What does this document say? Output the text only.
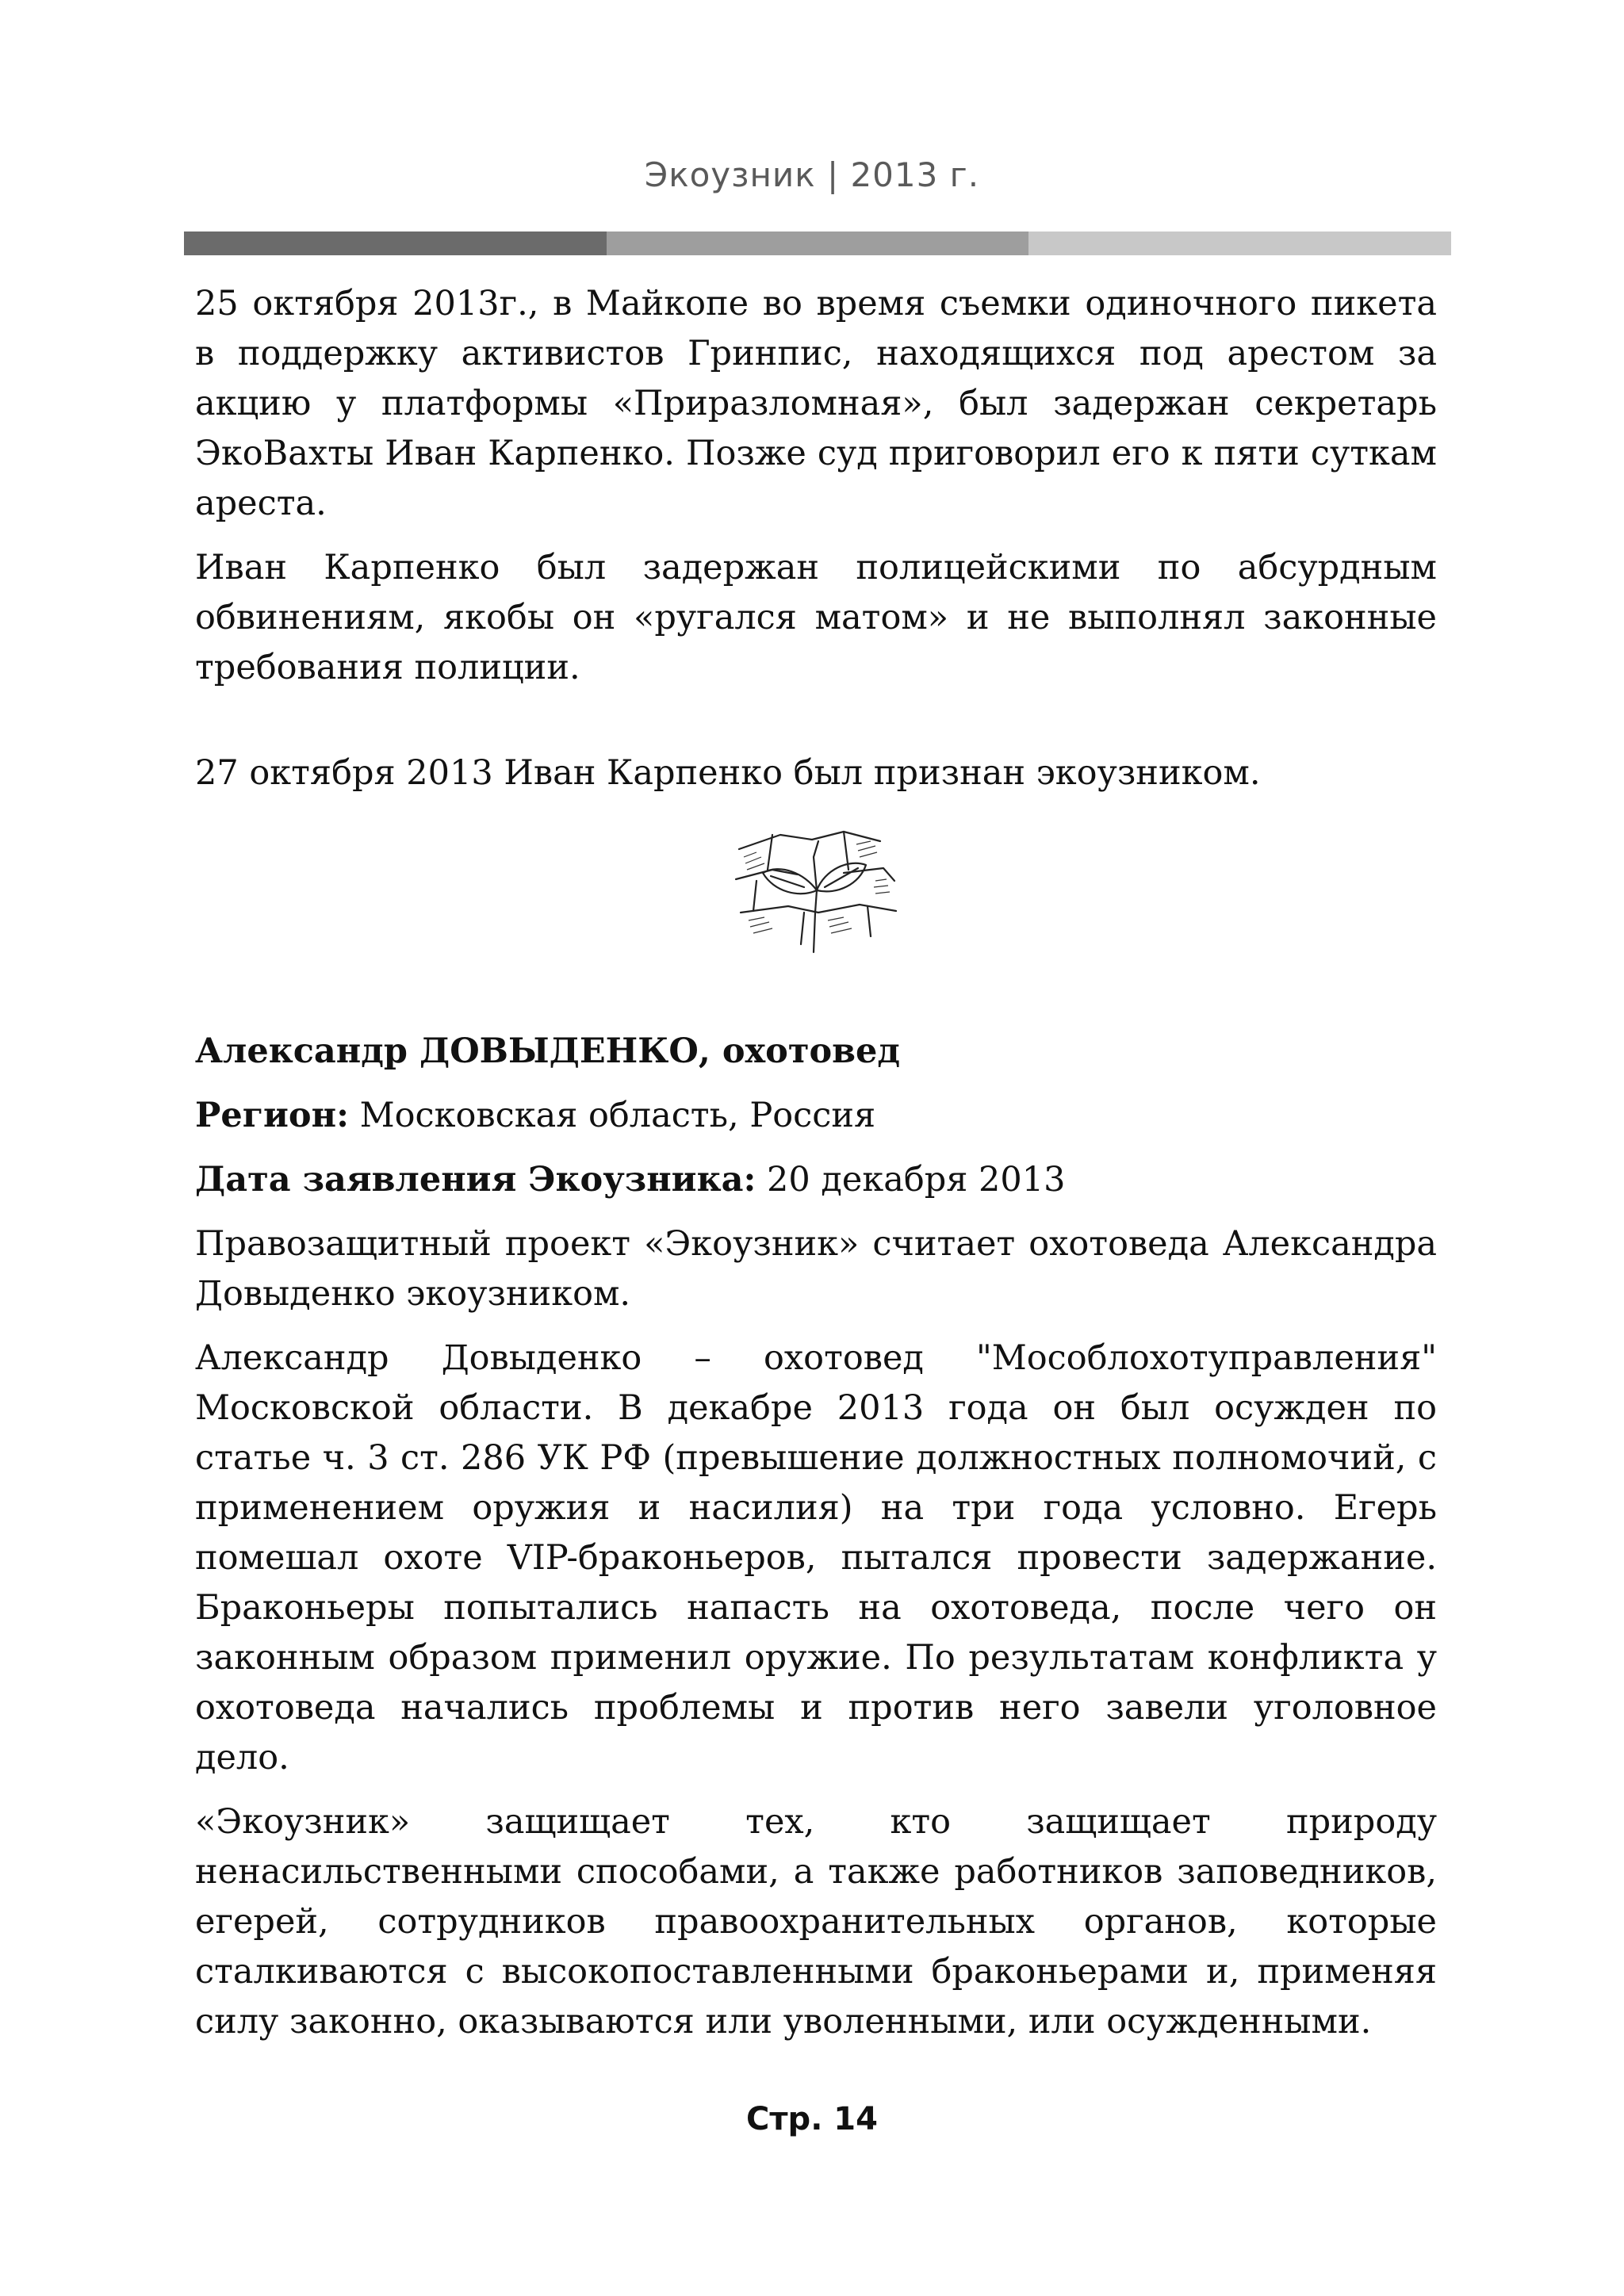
Экоузник | 2013 г.

25 октября 2013г., в Майкопе во время съемки одиночного пикета в поддержку активистов Гринпис, находящихся под арестом за акцию у платформы «Приразломная», был задержан секретарь ЭкоВахты Иван Карпенко. Позже суд приговорил его к пяти суткам ареста.

Иван Карпенко был задержан полицейскими по абсурдным обвинениям, якобы он «ругался матом» и не выполнял законные требования полиции.

27 октября 2013 Иван Карпенко был признан экоузником.

Александр ДОВЫДЕНКО, охотовед

Регион: Московская область, Россия

Дата заявления Экоузника: 20 декабря 2013

Правозащитный проект «Экоузник» считает охотоведа Александра Довыденко экоузником.

Александр Довыденко – охотовед "Мособлохотуправления" Московской области. В декабре 2013 года он был осужден по статье ч. 3 ст. 286 УК РФ (превышение должностных полномочий, с применением оружия и насилия) на три года условно. Егерь помешал охоте VIP-браконьеров, пытался провести задержание. Браконьеры попытались напасть на охотоведа, после чего он законным образом применил оружие. По результатам конфликта у охотоведа начались проблемы и против него завели уголовное дело.

«Экоузник» защищает тех, кто защищает природу ненасильственными способами, а также работников заповедников, егерей, сотрудников правоохранительных органов, которые сталкиваются с высокопоставленными браконьерами и, применяя силу законно, оказываются или уволенными, или осужденными.

Стр. 14
